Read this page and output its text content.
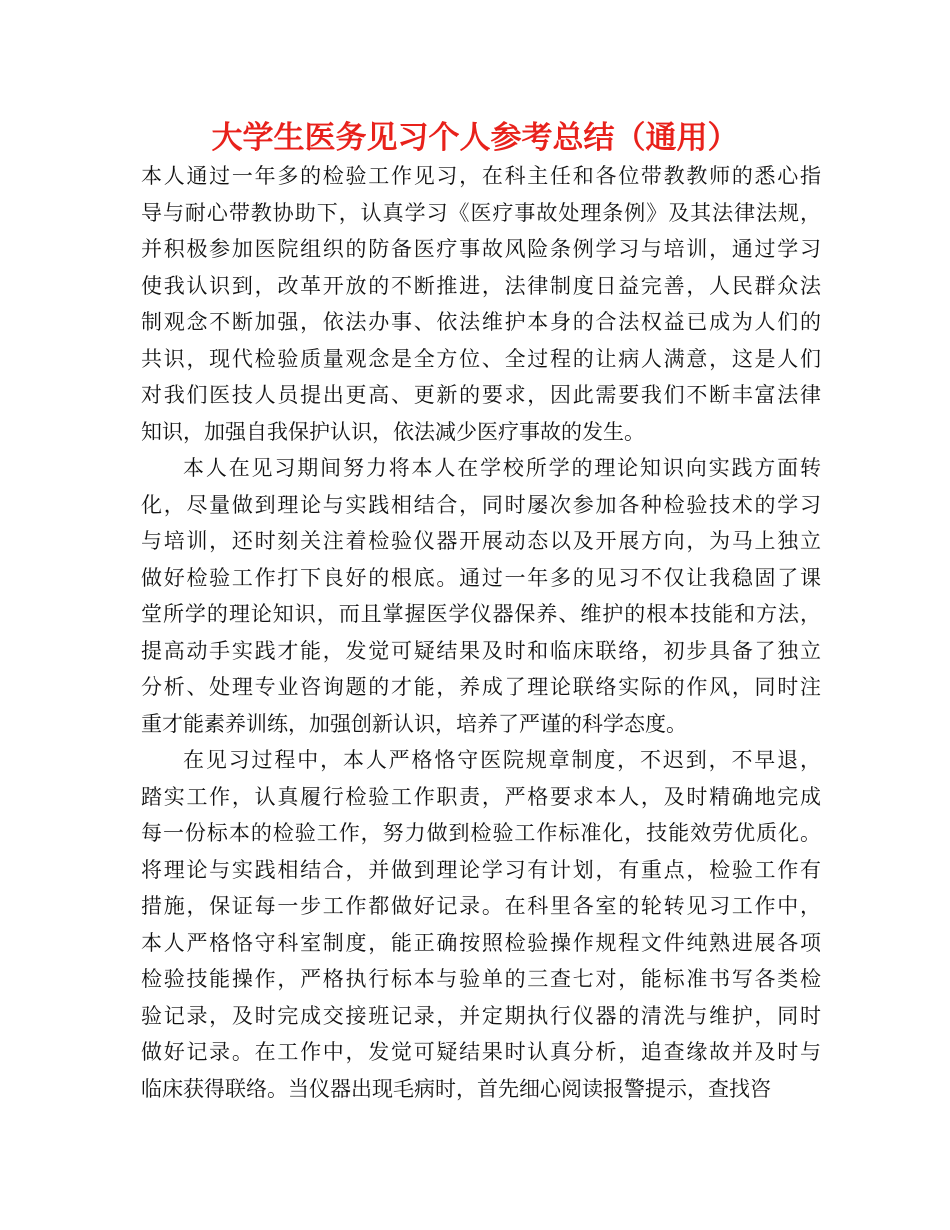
大学生医务见习个人参考总结（通用）
本人通过一年多的检验工作见习，在科主任和各位带教教师的悉心指
导与耐心带教协助下，认真学习《医疗事故处理条例》及其法律法规，
并积极参加医院组织的防备医疗事故风险条例学习与培训，通过学习
使我认识到，改革开放的不断推进，法律制度日益完善，人民群众法
制观念不断加强，依法办事、依法维护本身的合法权益已成为人们的
共识，现代检验质量观念是全方位、全过程的让病人满意，这是人们
对我们医技人员提出更高、更新的要求，因此需要我们不断丰富法律
知识，加强自我保护认识，依法减少医疗事故的发生。
本人在见习期间努力将本人在学校所学的理论知识向实践方面转
化，尽量做到理论与实践相结合，同时屡次参加各种检验技术的学习
与培训，还时刻关注着检验仪器开展动态以及开展方向，为马上独立
做好检验工作打下良好的根底。通过一年多的见习不仅让我稳固了课
堂所学的理论知识，而且掌握医学仪器保养、维护的根本技能和方法，
提高动手实践才能，发觉可疑结果及时和临床联络，初步具备了独立
分析、处理专业咨询题的才能，养成了理论联络实际的作风，同时注
重才能素养训练，加强创新认识，培养了严谨的科学态度。
在见习过程中，本人严格恪守医院规章制度，不迟到，不早退，
踏实工作，认真履行检验工作职责，严格要求本人，及时精确地完成
每一份标本的检验工作，努力做到检验工作标准化，技能效劳优质化。
将理论与实践相结合，并做到理论学习有计划，有重点，检验工作有
措施，保证每一步工作都做好记录。在科里各室的轮转见习工作中，
本人严格恪守科室制度，能正确按照检验操作规程文件纯熟进展各项
检验技能操作，严格执行标本与验单的三查七对，能标准书写各类检
验记录，及时完成交接班记录，并定期执行仪器的清洗与维护，同时
做好记录。在工作中，发觉可疑结果时认真分析，追查缘故并及时与
临床获得联络。当仪器出现毛病时，首先细心阅读报警提示，查找咨
